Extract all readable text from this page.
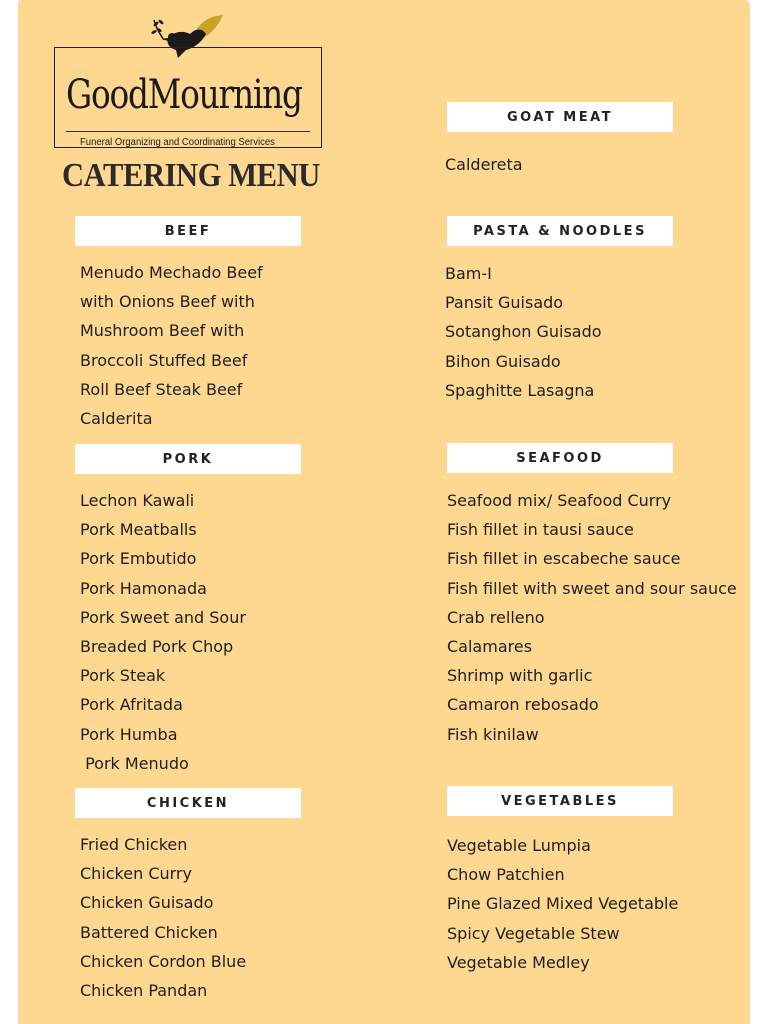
GoodMourning
Funeral Organizing and Coordinating Services
CATERING MENU
BEEF
Menudo Mechado Beef
with Onions Beef with
Mushroom Beef with
Broccoli Stuffed Beef
Roll Beef Steak Beef
Calderita
PORK
Lechon Kawali
Pork Meatballs
Pork Embutido
Pork Hamonada
Pork Sweet and Sour
Breaded Pork Chop
Pork Steak
Pork Afritada
Pork Humba
Pork Menudo
CHICKEN
Fried Chicken
Chicken Curry
Chicken Guisado
Battered Chicken
Chicken Cordon Blue
Chicken Pandan
GOAT MEAT
Caldereta
PASTA & NOODLES
Bam-I
Pansit Guisado
Sotanghon Guisado
Bihon Guisado
Spaghitte Lasagna
SEAFOOD
Seafood mix/ Seafood Curry
Fish fillet in tausi sauce
Fish fillet in escabeche sauce
Fish fillet with sweet and sour sauce
Crab relleno
Calamares
Shrimp with garlic
Camaron rebosado
Fish kinilaw
VEGETABLES
Vegetable Lumpia
Chow Patchien
Pine Glazed Mixed Vegetable
Spicy Vegetable Stew
Vegetable Medley
